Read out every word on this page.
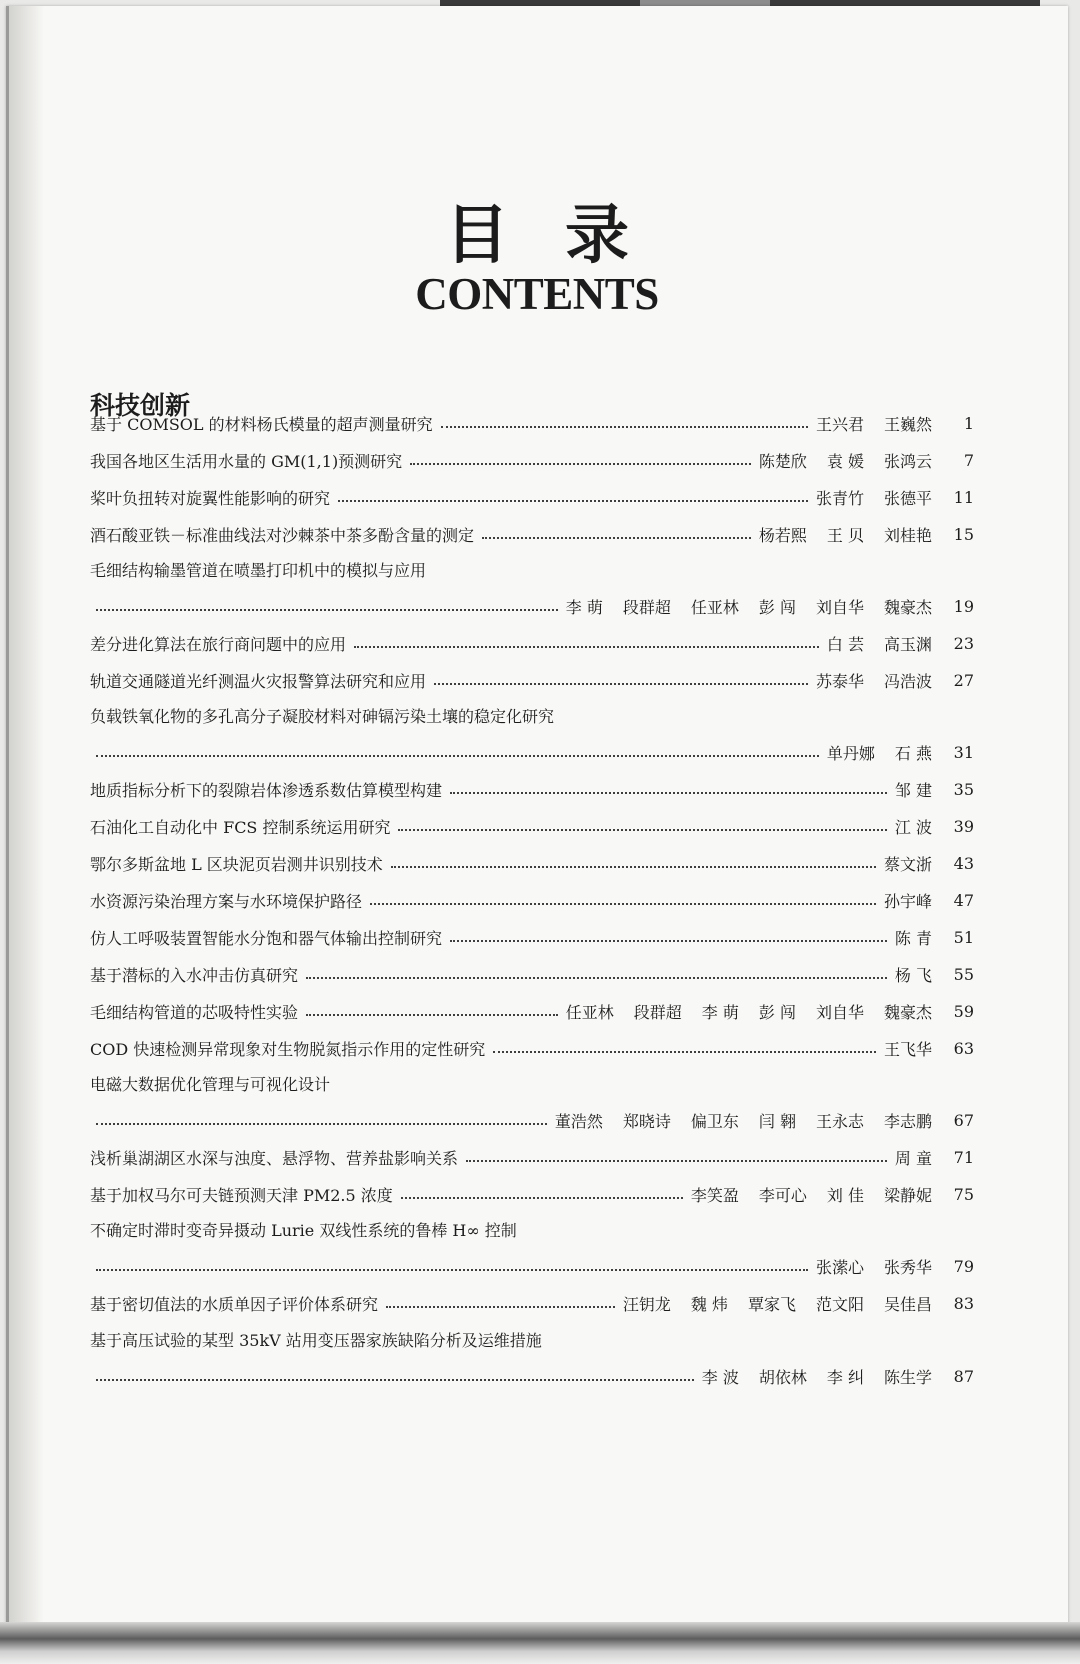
目录
CONTENTS
科技创新
基于 COMSOL 的材料杨氏模量的超声测量研究	王兴君 王巍然	1
我国各地区生活用水量的 GM(1,1)预测研究	陈楚欣 袁 媛 张鸿云	7
桨叶负扭转对旋翼性能影响的研究	张青竹 张德平	11
酒石酸亚铁－标准曲线法对沙棘茶中茶多酚含量的测定	杨若熙 王 贝 刘桂艳	15
毛细结构输墨管道在喷墨打印机中的模拟与应用
李 萌 段群超 任亚林 彭 闯 刘自华 魏豪杰	19
差分进化算法在旅行商问题中的应用	白 芸 高玉渊	23
轨道交通隧道光纤测温火灾报警算法研究和应用	苏泰华 冯浩波	27
负载铁氧化物的多孔高分子凝胶材料对砷镉污染土壤的稳定化研究
单丹娜 石 燕	31
地质指标分析下的裂隙岩体渗透系数估算模型构建	邹 建	35
石油化工自动化中 FCS 控制系统运用研究	江 波	39
鄂尔多斯盆地 L 区块泥页岩测井识别技术	蔡文浙	43
水资源污染治理方案与水环境保护路径	孙宇峰	47
仿人工呼吸装置智能水分饱和器气体输出控制研究	陈 青	51
基于潜标的入水冲击仿真研究	杨 飞	55
毛细结构管道的芯吸特性实验	任亚林 段群超 李 萌 彭 闯 刘自华 魏豪杰	59
COD 快速检测异常现象对生物脱氮指示作用的定性研究	王飞华	63
电磁大数据优化管理与可视化设计
董浩然 郑晓诗 偏卫东 闫 翱 王永志 李志鹏	67
浅析巢湖湖区水深与浊度、悬浮物、营养盐影响关系	周 童	71
基于加权马尔可夫链预测天津 PM2.5 浓度	李笑盈 李可心 刘 佳 梁静妮	75
不确定时滞时变奇异摄动 Lurie 双线性系统的鲁棒 H∞ 控制
张潆心 张秀华	79
基于密切值法的水质单因子评价体系研究	汪钥龙 魏 炜 覃家飞 范文阳 吴佳昌	83
基于高压试验的某型 35kV 站用变压器家族缺陷分析及运维措施
李 波 胡依林 李 纠 陈生学	87
